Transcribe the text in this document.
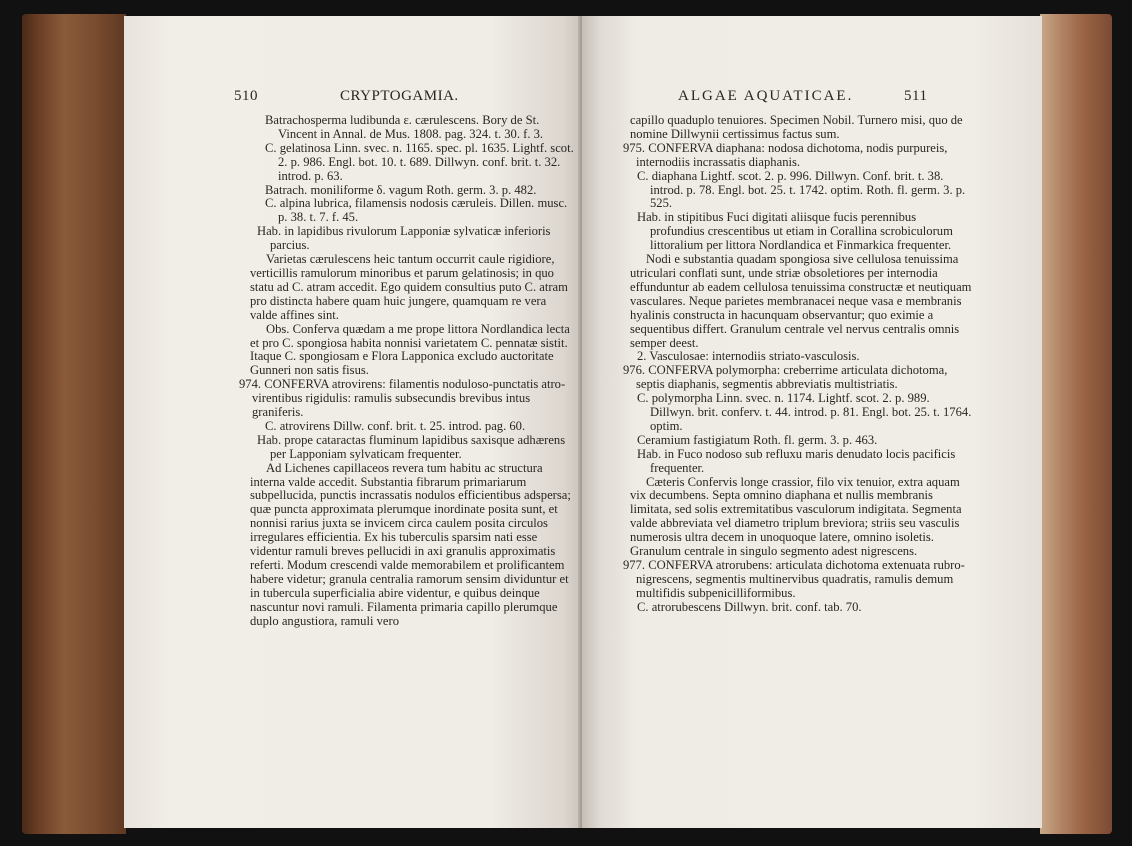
510	CRYPTOGAMIA.

Batrachosperma ludibunda ε. cærulescens. Bory de St. Vincent in Annal. de Mus. 1808. pag. 324. t. 30. f. 3.

C. gelatinosa Linn. svec. n. 1165. spec. pl. 1635. Lightf. scot. 2. p. 986. Engl. bot. 10. t. 689. Dillwyn. conf. brit. t. 32. introd. p. 63.

Batrach. moniliforme δ. vagum Roth. germ. 3. p. 482.

C. alpina lubrica, filamensis nodosis cæruleis. Dillen. musc. p. 38. t. 7. f. 45.

Hab. in lapidibus rivulorum Lapponiæ sylvaticæ inferioris parcius.

Varietas cærulescens heic tantum occurrit caule rigidiore, verticillis ramulorum minoribus et parum gelatinosis; in quo statu ad C. atram accedit. Ego quidem consultius puto C. atram pro distincta habere quam huic jungere, quamquam re vera valde affines sint.

Obs. Conferva quædam a me prope littora Nordlandica lecta et pro C. spongiosa habita nonnisi varietatem C. pennatæ sistit. Itaque C. spongiosam e Flora Lapponica excludo auctoritate Gunneri non satis fisus.

974. CONFERVA atrovirens: filamentis noduloso-punctatis atro-virentibus rigidulis: ramulis subsecundis brevibus intus graniferis.

C. atrovirens Dillw. conf. brit. t. 25. introd. pag. 60.

Hab. prope cataractas fluminum lapidibus saxisque adhærens per Lapponiam sylvaticam frequenter.

Ad Lichenes capillaceos revera tum habitu ac structura interna valde accedit. Substantia fibrarum primariarum subpellucida, punctis incrassatis nodulos efficientibus adspersa; quæ puncta approximata plerumque inordinate posita sunt, et nonnisi rarius juxta se invicem circa caulem posita circulos irregulares efficientia. Ex his tuberculis sparsim nati esse videntur ramuli breves pellucidi in axi granulis approximatis referti. Modum crescendi valde memorabilem et prolificantem habere videtur; granula centralia ramorum sensim dividuntur et in tubercula superficialia abire videntur, e quibus deinque nascuntur novi ramuli. Filamenta primaria capillo plerumque duplo angustiora, ramuli vero

ALGAE AQUATICAE.	511

capillo quaduplo tenuiores. Specimen Nobil. Turnero misi, quo de nomine Dillwynii certissimus factus sum.

975. CONFERVA diaphana: nodosa dichotoma, nodis purpureis, internodiis incrassatis diaphanis.

C. diaphana Lightf. scot. 2. p. 996. Dillwyn. Conf. brit. t. 38. introd. p. 78. Engl. bot. 25. t. 1742. optim. Roth. fl. germ. 3. p. 525.

Hab. in stipitibus Fuci digitati aliisque fucis perennibus profundius crescentibus ut etiam in Corallina scrobiculorum littoralium per littora Nordlandica et Finmarkica frequenter.

Nodi e substantia quadam spongiosa sive cellulosa tenuissima utriculari conflati sunt, unde striæ obsoletiores per internodia effunduntur ab eadem cellulosa tenuissima constructæ et neutiquam vasculares. Neque parietes membranacei neque vasa e membranis hyalinis constructa in hacunquam observantur; quo eximie a sequentibus differt. Granulum centrale vel nervus centralis omnis semper deest.

2. Vasculosae: internodiis striato-vasculosis.

976. CONFERVA polymorpha: creberrime articulata dichotoma, septis diaphanis, segmentis abbreviatis multistriatis.

C. polymorpha Linn. svec. n. 1174. Lightf. scot. 2. p. 989. Dillwyn. brit. conferv. t. 44. introd. p. 81. Engl. bot. 25. t. 1764. optim.

Ceramium fastigiatum Roth. fl. germ. 3. p. 463.

Hab. in Fuco nodoso sub refluxu maris denudato locis pacificis frequenter.

Cæteris Confervis longe crassior, filo vix tenuior, extra aquam vix decumbens. Septa omnino diaphana et nullis membranis limitata, sed solis extremitatibus vasculorum indigitata. Segmenta valde abbreviata vel diametro triplum breviora; striis seu vasculis numerosis ultra decem in unoquoque latere, omnino isoletis. Granulum centrale in singulo segmento adest nigrescens.

977. CONFERVA atrorubens: articulata dichotoma extenuata rubro-nigrescens, segmentis multinervibus quadratis, ramulis demum multifidis subpenicilliformibus.

C. atrorubescens Dillwyn. brit. conf. tab. 70.
